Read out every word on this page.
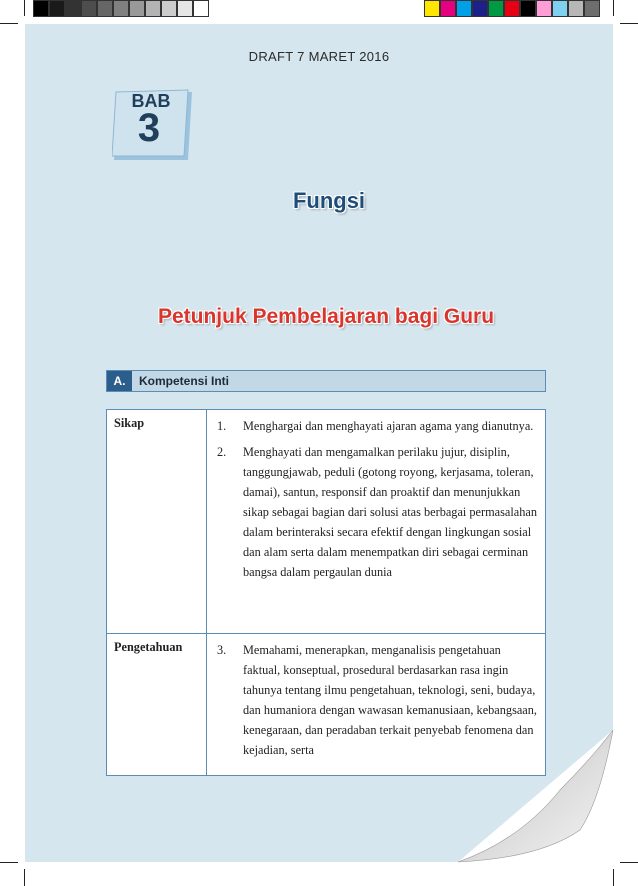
DRAFT 7 MARET 2016
BAB
3
Fungsi
Petunjuk Pembelajaran bagi Guru
A.	Kompetensi Inti
Sikap	1. Menghargai dan menghayati ajaran agama yang dianutnya.
2. Menghayati dan mengamalkan perilaku jujur, disiplin, tanggungjawab, peduli (gotong royong, kerjasama, toleran, damai), santun, responsif dan proaktif dan menunjukkan sikap sebagai bagian dari solusi atas berbagai permasalahan dalam berinteraksi secara efektif dengan lingkungan sosial dan alam serta dalam menempatkan diri sebagai cerminan bangsa dalam pergaulan dunia

Pengetahuan	3. Memahami, menerapkan, menganalisis pengetahuan faktual, konseptual, prosedural berdasarkan rasa ingin tahunya tentang ilmu pengetahuan, teknologi, seni, budaya, dan humaniora dengan wawasan kemanusiaan, kebangsaan, kenegaraan, dan peradaban terkait penyebab fenomena dan kejadian, serta
